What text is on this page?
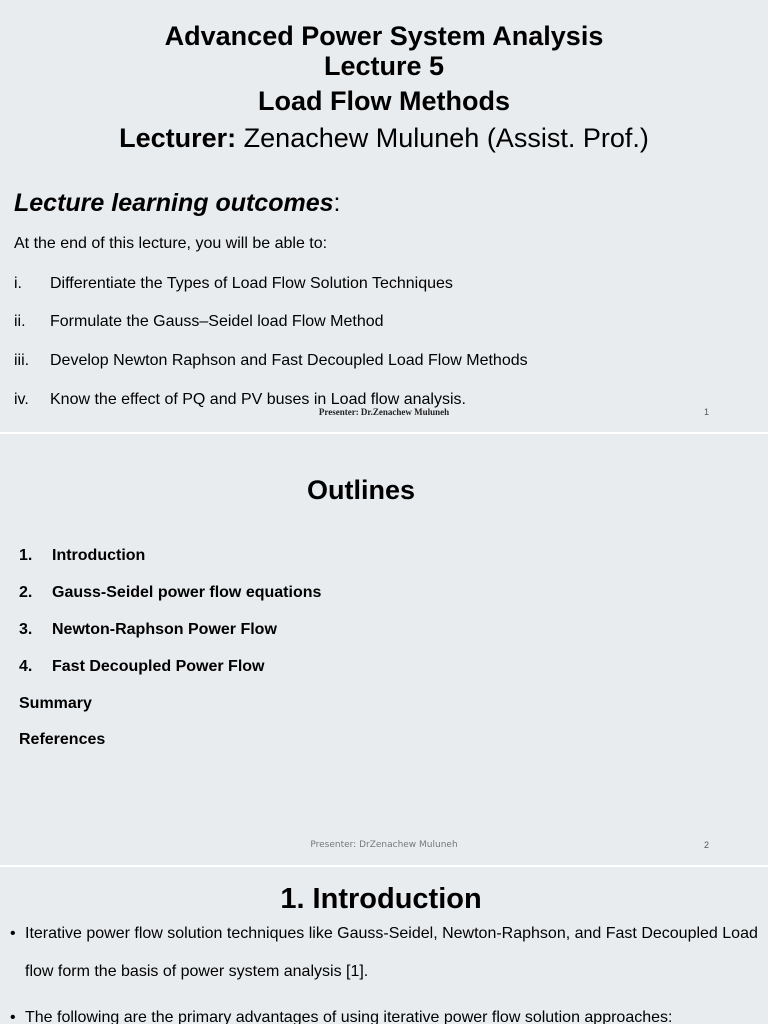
Advanced Power System Analysis
Lecture 5
Load Flow Methods
Lecturer: Zenachew Muluneh (Assist. Prof.)
Lecture learning outcomes:
At the end of this lecture, you will be able to:
i. Differentiate the Types of Load Flow Solution Techniques
ii. Formulate the Gauss–Seidel load Flow Method
iii.Develop Newton Raphson and Fast Decoupled Load Flow Methods
iv. Know the effect of PQ and PV buses in Load flow analysis.
Presenter: Dr.Zenachew Muluneh	1
Outlines
1. Introduction
2. Gauss-Seidel power flow equations
3. Newton-Raphson Power Flow
4. Fast Decoupled Power Flow
Summary
References
Presenter: DrZenachew Muluneh	2
1. Introduction
• Iterative power flow solution techniques like Gauss-Seidel, Newton-Raphson, and Fast Decoupled Load
flow form the basis of power system analysis [1].
• The following are the primary advantages of using iterative power flow solution approaches:
